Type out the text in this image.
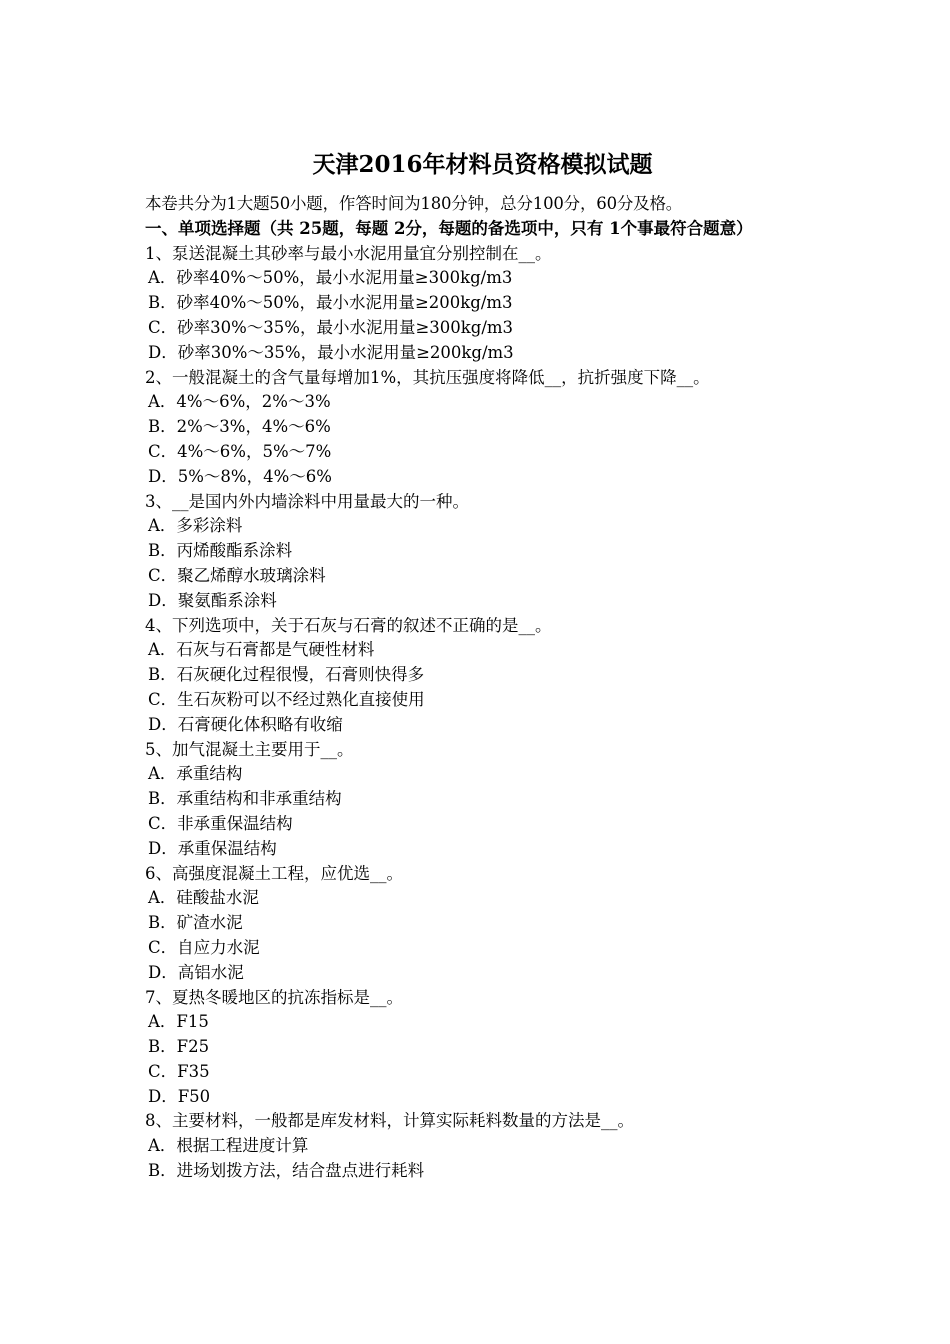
天津2016年材料员资格模拟试题
本卷共分为1大题50小题，作答时间为180分钟，总分100分，60分及格。
一、单项选择题（共 25题，每题 2分，每题的备选项中，只有 1个事最符合题意）
1、泵送混凝土其砂率与最小水泥用量宜分别控制在__。
A．砂率40%～50%，最小水泥用量≥300kg/m3
B．砂率40%～50%，最小水泥用量≥200kg/m3
C．砂率30%～35%，最小水泥用量≥300kg/m3
D．砂率30%～35%，最小水泥用量≥200kg/m3
2、一般混凝土的含气量每增加1%，其抗压强度将降低__，抗折强度下降__。
A．4%～6%，2%～3%
B．2%～3%，4%～6%
C．4%～6%，5%～7%
D．5%～8%，4%～6%
3、__是国内外内墙涂料中用量最大的一种。
A．多彩涂料
B．丙烯酸酯系涂料
C．聚乙烯醇水玻璃涂料
D．聚氨酯系涂料
4、下列选项中，关于石灰与石膏的叙述不正确的是__。
A．石灰与石膏都是气硬性材料
B．石灰硬化过程很慢，石膏则快得多
C．生石灰粉可以不经过熟化直接使用
D．石膏硬化体积略有收缩
5、加气混凝土主要用于__。
A．承重结构
B．承重结构和非承重结构
C．非承重保温结构
D．承重保温结构
6、高强度混凝土工程，应优选__。
A．硅酸盐水泥
B．矿渣水泥
C．自应力水泥
D．高铝水泥
7、夏热冬暖地区的抗冻指标是__。
A．F15
B．F25
C．F35
D．F50
8、主要材料，一般都是库发材料，计算实际耗料数量的方法是__。
A．根据工程进度计算
B．进场划拨方法，结合盘点进行耗料
